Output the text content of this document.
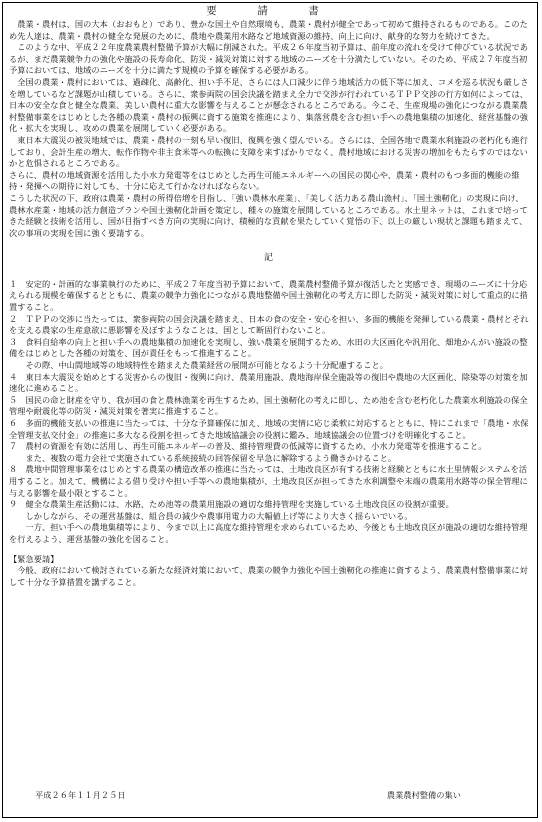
要　請　書

　農業・農村は、国の大本（おおもと）であり、豊かな国土や自然環境も、農業・農村が健全であって初めて維持されるものである。このため先人達は、農業・農村の健全な発展のために、農地や農業用水路など地域資源の維持、向上に向け、献身的な努力を続けてきた。

　このような中、平成２２年度農業農村整備予算が大幅に削減された。平成２６年度当初予算は、前年度の流れを受けて伸びている状況であるが、まだ農業競争力の強化や施設の長寿命化、防災・減災対策に対する地域のニーズを十分満たしていない。そのため、平成２７年度当初予算においては、地域のニーズを十分に満たす規模の予算を確保する必要がある。

　全国の農業・農村においては、過疎化、高齢化、担い手不足、さらには人口減少に伴う地域活力の低下等に加え、コメを巡る状況も厳しさを増しているなど課題が山積している。さらに、衆参両院の国会決議を踏まえ全力で交渉が行われているＴＰＰ交渉の行方如何によっては、日本の安全な食と健全な農業、美しい農村に重大な影響を与えることが懸念されるところである。今こそ、生産現場の強化につながる農業農村整備事業をはじめとした各種の農業・農村の振興に資する施策を推進により、集落営農を含む担い手への農地集積の加速化、経営基盤の強化・拡大を実現し、攻めの農業を展開していく必要がある。

　東日本大震災の被災地域では、農業・農村の一刻も早い復旧、復興を強く望んでいる。さらには、全国各地で農業水利施設の老朽化も進行しており、会計生産の増大、転作作物や非主食米等への転換に支障を来すばかりでなく、農村地域における災害の増加をもたらすのではないかと危惧されるところである。

さらに、農村の地域資源を活用した小水力発電等をはじめとした再生可能エネルギーへの国民の関心や、農業・農村のもつ多面的機能の維持・発揮への期待に対しても、十分に応えて行かなければならない。

こうした状況の下、政府は農業・農村の所得倍増を目指し、「強い農林水産業」、「美しく活力ある農山漁村」、「国土強靭化」の実現に向け、農林水産業・地域の活力創造プランや国土強靭化計画を策定し、種々の施策を展開しているところである。水土里ネットは、これまで培ってきた経験と技術を活用し、国が目指すべき方向の実現に向け、積極的な貢献を果たしていく覚悟の下、以上の厳しい現状と課題も踏まえて、次の事項の実現を国に強く要請する。

記

１　安定的・計画的な事業執行のために、平成２７年度当初予算において、農業農村整備予算が復活したと実感でき、現場のニーズに十分応えられる規模を確保するとともに、農業の競争力強化につながる農地整備や国土強靭化の考え方に即した防災・減災対策に対して重点的に措置すること。

２　ＴＰＰの交渉に当たっては、衆参両院の国会決議を踏まえ、日本の食の安全・安心を担い、多面的機能を発揮している農業・農村とそれを支える農家の生産意欲に悪影響を及ぼすようなことは、国として断固行わないこと。

３　食料自給率の向上と担い手への農地集積の加速化を実現し、強い農業を展開するため、水田の大区画化や汎用化、畑地かんがい施設の整備をはじめとした各種の対策を、国が責任をもって推進すること。

　　その際、中山間地域等の地域特性を踏まえた農業経営の展開が可能となるよう十分配慮すること。

４　東日本大震災を始めとする災害からの復旧・復興に向け、農業用施設、農地海岸保全施設等の復旧や農地の大区画化、除染等の対策を加速化に進めること。

５　国民の命と財産を守り、我が国の食と農林漁業を再生するため、国土強靭化の考えに即し、ため池を含む老朽化した農業水利施設の保全管理や耐震化等の防災・減災対策を著実に推進すること。

６　多面的機能支払いの推進に当たっては、十分な予算確保に加え、地域の実情に応じ柔軟に対応するとともに、特にこれまで「農地・水保全管理支払交付金」の推進に多大なる役割を担ってきた地域協議会の役割に鑑み、地域協議会の位置づけを明確化すること。

７　農村の資源を有効に活用し、再生可能エネルギーの普及、維持管理費の低減等に資するため、小水力発電等を推進すること。

　　また、複数の電力会社で実施されている系統接続の回答保留を早急に解除するよう働きかけること。

８　農地中間管理事業をはじめとする農業の構造改革の推進に当たっては、土地改良区が有する技術と経験とともに水土里情報システムを活用すること。加えて、機構による借り受けや担い手等への農地集積が、土地改良区が担ってきた水利調整や末端の農業用水路等の保全管理に与える影響を最小限とすること。

９　健全な農業生産活動には、水路、ため池等の農業用施設の適切な維持管理を実施している土地改良区の役割が重要。

　　しかしながら、その運営基盤は、組合員の減少や農事用電力の大幅値上げ等により大きく揺らいでいる。

　　一方、担い手への農地集積等により、今まで以上に高度な維持管理を求められているため、今後とも土地改良区が施設の適切な維持管理を行えるよう、運営基盤の強化を図ること。

【緊急要請】

　今般、政府において検討されている新たな経済対策において、農業の競争力強化や国土強靭化の推進に資するよう、農業農村整備事業に対して十分な予算措置を講ずること。

平成２６年１１月２５日	農業農村整備の集い
